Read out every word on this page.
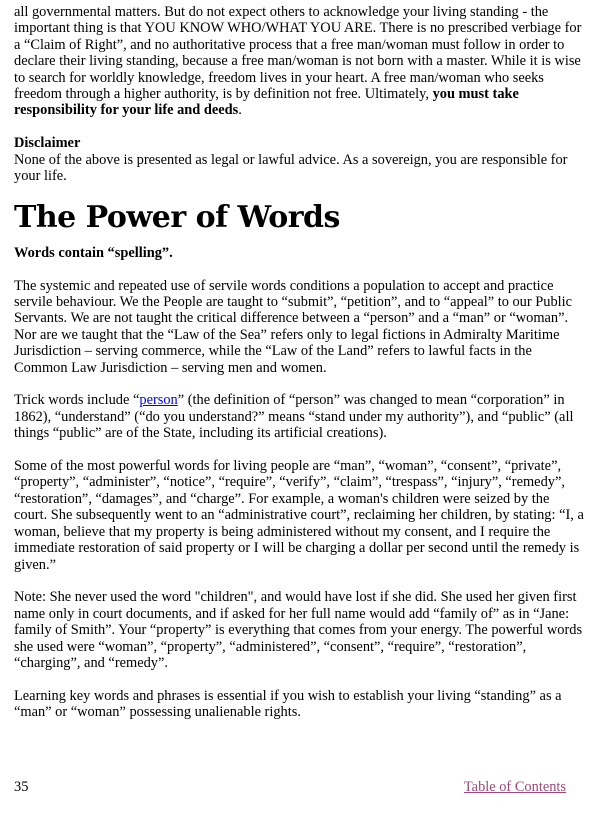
all governmental matters. But do not expect others to acknowledge your living standing - the important thing is that YOU KNOW WHO/WHAT YOU ARE. There is no prescribed verbiage for a “Claim of Right”, and no authoritative process that a free man/woman must follow in order to declare their living standing, because a free man/woman is not born with a master. While it is wise to search for worldly knowledge, freedom lives in your heart. A free man/woman who seeks freedom through a higher authority, is by definition not free. Ultimately, you must take responsibility for your life and deeds.

Disclaimer

None of the above is presented as legal or lawful advice. As a sovereign, you are responsible for your life.

The Power of Words

Words contain “spelling”.

The systemic and repeated use of servile words conditions a population to accept and practice servile behaviour. We the People are taught to “submit”, “petition”, and to “appeal” to our Public Servants. We are not taught the critical difference between a “person” and a “man” or “woman”. Nor are we taught that the “Law of the Sea” refers only to legal fictions in Admiralty Maritime Jurisdiction – serving commerce, while the “Law of the Land” refers to lawful facts in the Common Law Jurisdiction – serving men and women.

Trick words include “person” (the definition of “person” was changed to mean “corporation” in 1862), “understand” (“do you understand?” means “stand under my authority”), and “public” (all things “public” are of the State, including its artificial creations).

Some of the most powerful words for living people are “man”, “woman”, “consent”, “private”, “property”, “administer”, “notice”, “require”, “verify”, “claim”, “trespass”, “injury”, “remedy”, “restoration”, “damages”, and “charge”. For example, a woman's children were seized by the court. She subsequently went to an “administrative court”, reclaiming her children, by stating: “I, a woman, believe that my property is being administered without my consent, and I require the immediate restoration of said property or I will be charging a dollar per second until the remedy is given.”

Note: She never used the word "children", and would have lost if she did. She used her given first name only in court documents, and if asked for her full name would add “family of” as in “Jane: family of Smith”. Your “property” is everything that comes from your energy. The powerful words she used were “woman”, “property”, “administered”, “consent”, “require”, “restoration”, “charging”, and “remedy”.

Learning key words and phrases is essential if you wish to establish your living “standing” as a “man” or “woman” possessing unalienable rights.

35	Table of Contents
